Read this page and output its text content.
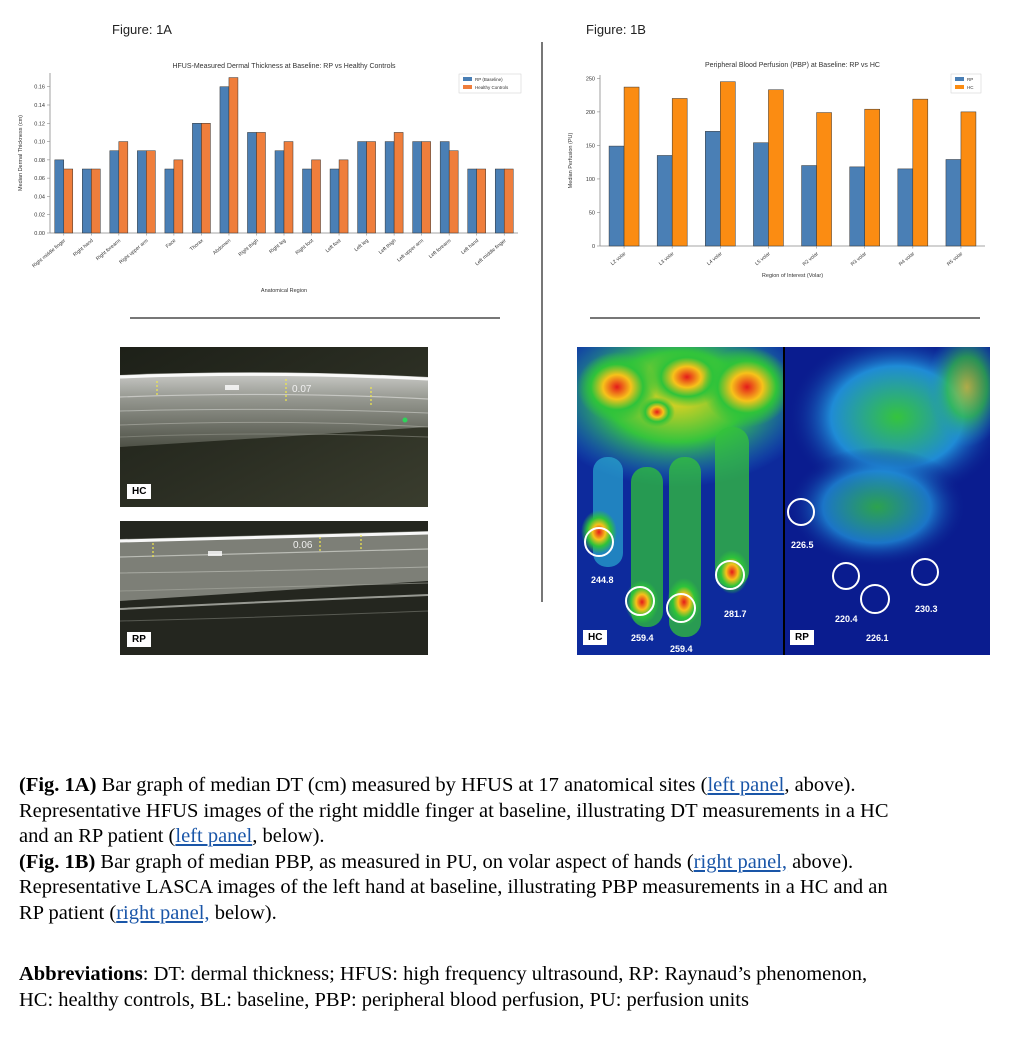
Figure: 1A	Figure: 1B
HFUS-Measured Dermal Thickness at Baseline: RP vs Healthy Controls
0.00
0.02
0.04
0.06
0.08
0.10
0.12
0.14
0.16
Median Dermal Thickness (cm)
Right middle finger Right hand Right forearm
Right upper arm	Face Thorax Abdomen Right thigh Right leg Right foot Left foot Left leg Left thigh
Left upper arm Left forearm Left hand
Left middle finger
Anatomical Region
RP (Baseline)
Healthy Controls
Peripheral Blood Perfusion (PBP) at Baseline: RP vs HC
0
50
100
150
200
250
Median Perfusion (PU)
L2 volar	L3 volar	L4 volar	L5 volar	R2 volar	R3 volar	R4 volar	R5 volar
Region of Interest (Volar)
RP
HC
HC
0.07
RP
0.06
HC	RP
244.8
259.4
259.4
281.7
226.5
220.4
226.1
230.3
(Fig. 1A) Bar graph of median DT (cm) measured by HFUS at 17 anatomical sites (left panel, above). Representative HFUS images of the right middle finger at baseline, illustrating DT measurements in a HC and an RP patient (left panel, below).
(Fig. 1B) Bar graph of median PBP, as measured in PU, on volar aspect of hands (right panel, above). Representative LASCA images of the left hand at baseline, illustrating PBP measurements in a HC and an RP patient (right panel, below).
Abbreviations: DT: dermal thickness; HFUS: high frequency ultrasound, RP: Raynaud’s phenomenon, HC: healthy controls, BL: baseline, PBP: peripheral blood perfusion, PU: perfusion units
